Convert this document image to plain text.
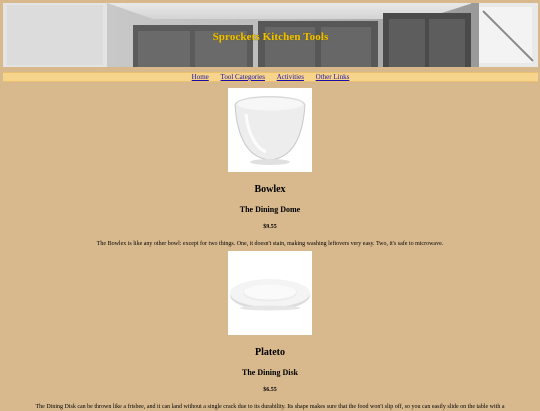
Sprockets Kitchen Tools
Home Tool Categories Activities Other Links
Bowlex
The Dining Dome
$9.55
The Bowlex is like any other bowl: except for two things. One, it doesn't stain, making washing leftovers very easy. Two, it's safe to microwave.
Plateto
The Dining Disk
$6.55
The Dining Disk can be thrown like a frisbee, and it can land without a single crack due to its durability. Its shape makes sure that the food won't slip off, so you can easily slide on the table with a
